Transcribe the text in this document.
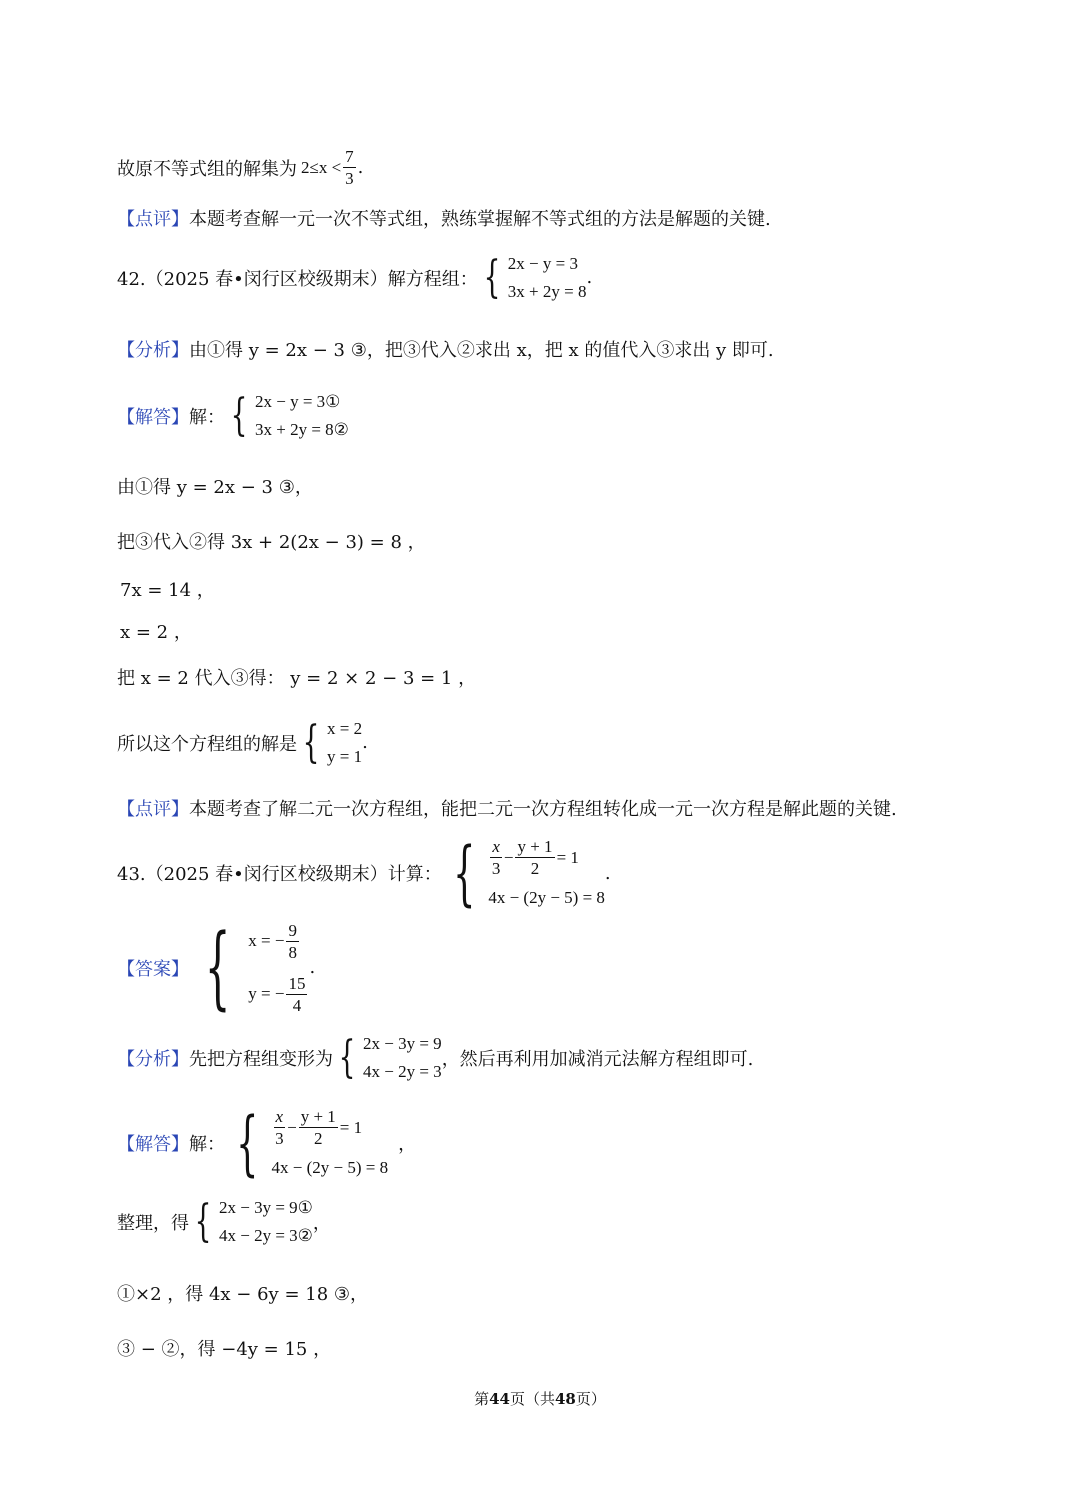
故原不等式组的解集为 $2\le x < \frac{7}{3}$ .
【点评】 本题考查解一元一次不等式组，熟练掌握解不等式组的方法是解题的关键.
42.（2025 春•闵行区校级期末）解方程组： { 2x − y = 3
3x + 2y = 8
.
【分析】 由①得 y = 2x − 3 ③，把③代入②求出 x，把 x 的值代入③求出 y 即可.
【解答】 解： { 2x − y = 3①
3x + 2y = 8②
由①得 y = 2x − 3 ③，
把③代入②得 3x + 2(2x − 3) = 8 ，
7x = 14 ，
x = 2 ，
把 x = 2 代入③得： y = 2 × 2 − 3 = 1 ，
所以这个方程组的解是 { x = 2
y = 1
.
【点评】 本题考查了解二元一次方程组，能把二元一次方程组转化成一元一次方程是解此题的关键.
43.（2025 春•闵行区校级期末）计算： { $\frac{x}{3} - \frac{y + 1}{2} = 1$
4x − (2y − 5) = 8
.
【答案】 { x = − $\frac{9}{8}$
y = − $\frac{15}{4}$
.
【分析】 先把方程组变形为 { 2x − 3y = 9
4x − 2y = 3
，然后再利用加减消元法解方程组即可.
【解答】 解： { $\frac{x}{3} - \frac{y + 1}{2} = 1$
4x − (2y − 5) = 8
，
整理，得 { 2x − 3y = 9①
4x − 2y = 3②
，
①×2 ，得 4x − 6y = 18 ③，
③ − ②，得 −4y = 15 ，
第44页（共48页）
